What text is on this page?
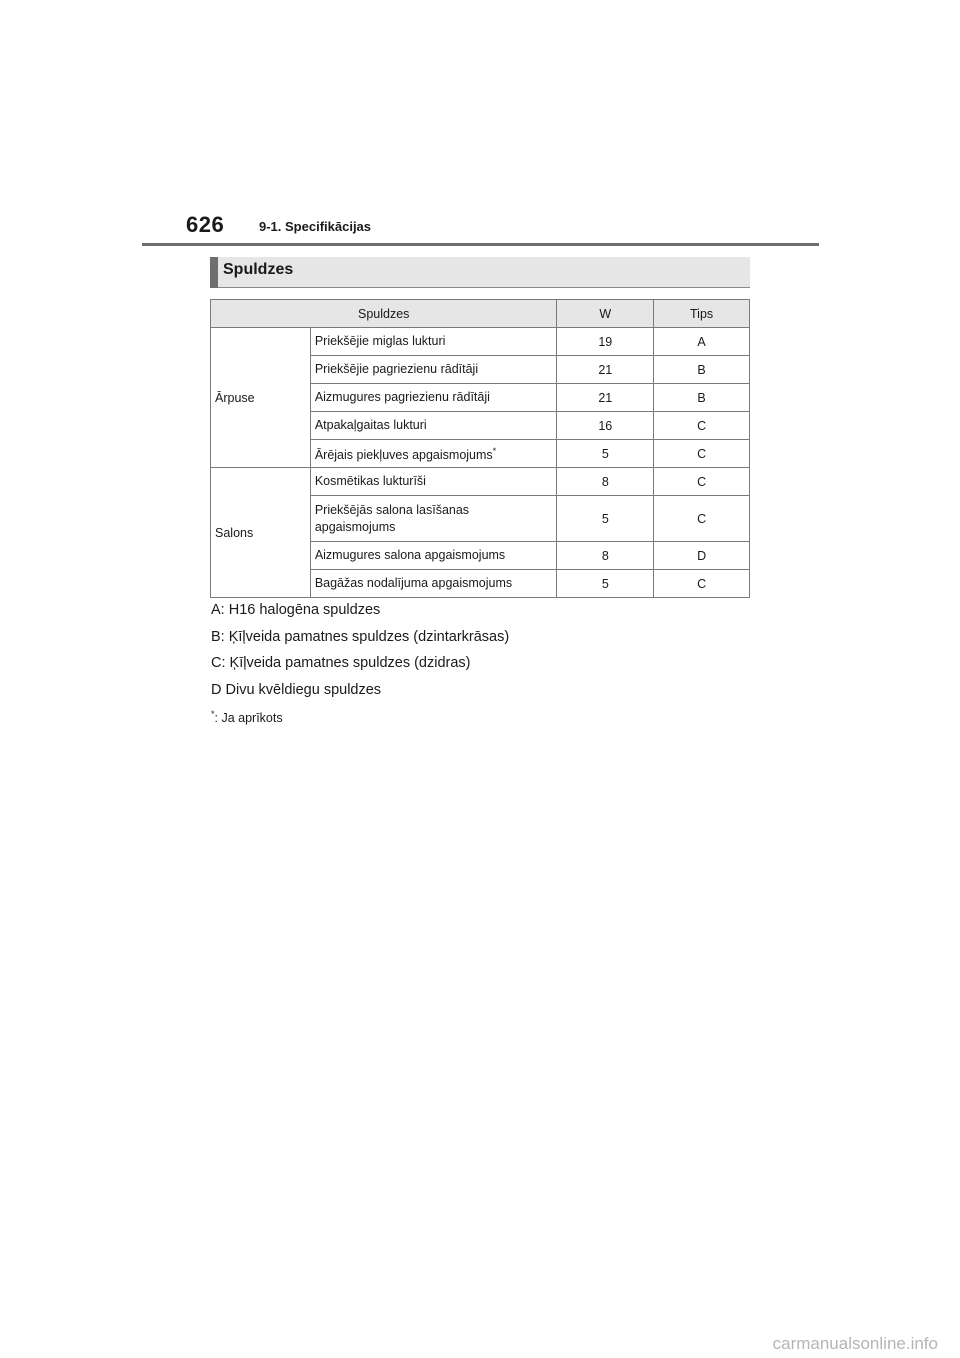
626	9-1. Specifikācijas
Spuldzes
Spuldzes		W	Tips
Ārpuse	Priekšējie miglas lukturi	19	A
	Priekšējie pagriezienu rādītāji	21	B
	Aizmugures pagriezienu rādītāji	21	B
	Atpakaļgaitas lukturi	16	C
	Ārējais piekļuves apgaismojums*	5	C
Salons	Kosmētikas lukturīši	8	C
	Priekšējās salona lasīšanas apgaismojums	5	C
	Aizmugures salona apgaismojums	8	D
	Bagāžas nodalījuma apgaismojums	5	C

A: H16 halogēna spuldzes

B: Ķīļveida pamatnes spuldzes (dzintarkrāsas)

C: Ķīļveida pamatnes spuldzes (dzidras)

D Divu kvēldiegu spuldzes

*: Ja aprīkots
carmanualsonline.info
